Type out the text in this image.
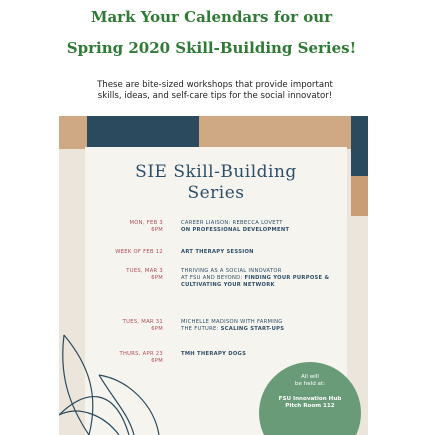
Mark Your Calendars for our

Spring 2020 Skill-Building Series!

These are bite-sized workshops that provide important
skills, ideas, and self-care tips for the social innovator!

SIE Skill-Building

Series

MON, FEB 3
6PM
CAREER LIAISON: REBECCA LOVETT
ON PROFESSIONAL DEVELOPMENT
WEEK OF FEB 12	ART THERAPY SESSION
TUES, MAR 3
6PM
THRIVING AS A SOCIAL INNOVATOR
AT FSU AND BEYOND: FINDING YOUR PURPOSE & CULTIVATING YOUR NETWORK
TUES, MAR 31
6PM
MICHELLE MADISON WITH FARMING
THE FUTURE: SCALING START-UPS
THURS, APR 23
6PM
TMH THERAPY DOGS
All will
be held at:
FSU Innovation Hub
Pitch Room 112
